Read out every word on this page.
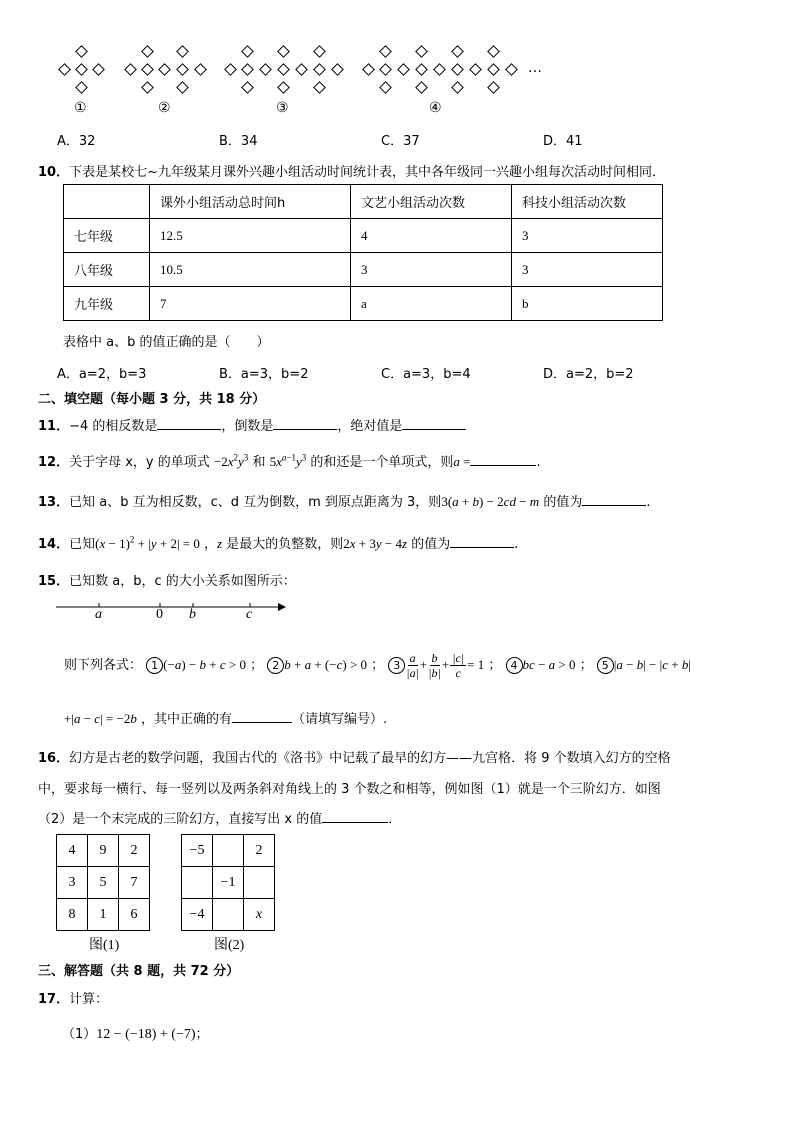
…
①	②	③	④
A．32	B．34	C．37	D．41
10．下表是某校七~九年级某月课外兴趣小组活动时间统计表，其中各年级同一兴趣小组每次活动时间相同．
	课外小组活动总时间h	文艺小组活动次数	科技小组活动次数
七年级	12.5	4	3
八年级	10.5	3	3
九年级	7	a	b
表格中 a、b 的值正确的是（　　）
A．a=2，b=3	B．a=3，b=2	C．a=3，b=4	D．a=2，b=2
二、填空题（每小题 3 分，共 18 分）
11．−4 的相反数是	，倒数是	，绝对值是
12．关于字母 x，y 的单项式 $-2x^2y^3$ 和 $5x^{a-1}y^3$ 的和还是一个单项式，则a =	.
13．已知 a、b 互为相反数，c、d 互为倒数，m 到原点距离为 3，则3(a + b) − 2cd − m 的值为	.
14．已知$(x - 1)^2 + |y + 2| = 0$ ，z 是最大的负整数，则2x + 3y − 4z 的值为	.
15．已知数 a，b，c 的大小关系如图所示：
a	0 b	c
则下列各式： 1 (−a) − b + c > 0 ； 2 b + a + (−c) > 0 ； $3 \frac{a}{|a|} + \frac{b}{|b|} + \frac{|c|}{c} = 1$ ； 4 bc − a > 0 ； 5 |a − b| − |c + b|
+|a − c| = −2b ，其中正确的有	（请填写编号）.
16．幻方是古老的数学问题，我国古代的《洛书》中记载了最早的幻方——九宫格．将 9 个数填入幻方的空格
中，要求每一横行、每一竖列以及两条斜对角线上的 3 个数之和相等，例如图（1）就是一个三阶幻方．如图
（2）是一个末完成的三阶幻方，直接写出 x 的值	．
4	9	2
3	5	7
8	1	6
−5		2
	−1	
−4		x
图(1)	图(2)
三、解答题（共 8 题，共 72 分）
17．计算：
（1）12 − (−18) + (−7)；
